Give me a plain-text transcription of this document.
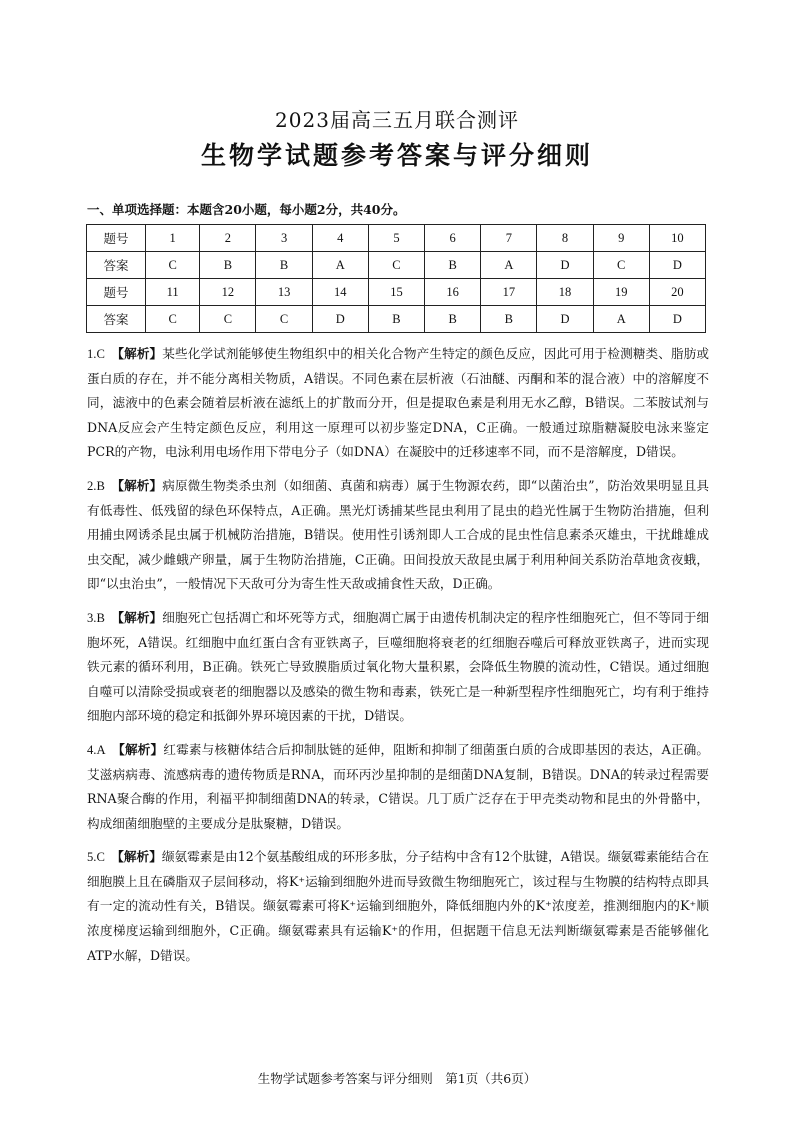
2023届高三五月联合测评
生物学试题参考答案与评分细则
一、单项选择题：本题含20小题，每小题2分，共40分。
题号	1	2	3	4	5	6	7	8	9	10
答案	C	B	B	A	C	B	A	D	C	D
题号	11	12	13	14	15	16	17	18	19	20
答案	C	C	C	D	B	B	B	D	A	D

1.C　 【解析】某些化学试剂能够使生物组织中的相关化合物产生特定的颜色反应，因此可用于检测糖类、脂肪或蛋白质的存在，并不能分离相关物质，A错误。不同色素在层析液（石油醚、丙酮和苯的混合液）中的溶解度不同，滤液中的色素会随着层析液在滤纸上的扩散而分开，但是提取色素是利用无水乙醇，B错误。二苯胺试剂与DNA反应会产生特定颜色反应，利用这一原理可以初步鉴定DNA，C正确。一般通过琼脂糖凝胶电泳来鉴定PCR的产物，电泳利用电场作用下带电分子（如DNA）在凝胶中的迁移速率不同，而不是溶解度，D错误。

2.B　 【解析】病原微生物类杀虫剂（如细菌、真菌和病毒）属于生物源农药，即“以菌治虫”，防治效果明显且具有低毒性、低残留的绿色环保特点，A正确。黑光灯诱捕某些昆虫利用了昆虫的趋光性属于生物防治措施，但利用捕虫网诱杀昆虫属于机械防治措施，B错误。使用性引诱剂即人工合成的昆虫性信息素杀灭雄虫，干扰雌雄成虫交配，减少雌蛾产卵量，属于生物防治措施，C正确。田间投放天敌昆虫属于利用种间关系防治草地贪夜蛾，即“以虫治虫”，一般情况下天敌可分为寄生性天敌或捕食性天敌，D正确。

3.B　 【解析】细胞死亡包括凋亡和坏死等方式，细胞凋亡属于由遗传机制决定的程序性细胞死亡，但不等同于细胞坏死，A错误。红细胞中血红蛋白含有亚铁离子，巨噬细胞将衰老的红细胞吞噬后可释放亚铁离子，进而实现铁元素的循环利用，B正确。铁死亡导致膜脂质过氧化物大量积累，会降低生物膜的流动性，C错误。通过细胞自噬可以清除受损或衰老的细胞器以及感染的微生物和毒素，铁死亡是一种新型程序性细胞死亡，均有利于维持细胞内部环境的稳定和抵御外界环境因素的干扰，D错误。

4.A　 【解析】红霉素与核糖体结合后抑制肽链的延伸，阻断和抑制了细菌蛋白质的合成即基因的表达，A正确。艾滋病病毒、流感病毒的遗传物质是RNA，而环丙沙星抑制的是细菌DNA复制，B错误。DNA的转录过程需要RNA聚合酶的作用，利福平抑制细菌DNA的转录，C错误。几丁质广泛存在于甲壳类动物和昆虫的外骨骼中，构成细菌细胞壁的主要成分是肽聚糖，D错误。

5.C　 【解析】缬氨霉素是由12个氨基酸组成的环形多肽，分子结构中含有12个肽键，A错误。缬氨霉素能结合在细胞膜上且在磷脂双子层间移动，将K⁺运输到细胞外进而导致微生物细胞死亡，该过程与生物膜的结构特点即具有一定的流动性有关，B错误。缬氨霉素可将K⁺运输到细胞外，降低细胞内外的K⁺浓度差，推测细胞内的K⁺顺浓度梯度运输到细胞外，C正确。缬氨霉素具有运输K⁺的作用，但据题干信息无法判断缬氨霉素是否能够催化ATP水解，D错误。

生物学试题参考答案与评分细则　第1页（共6页）
